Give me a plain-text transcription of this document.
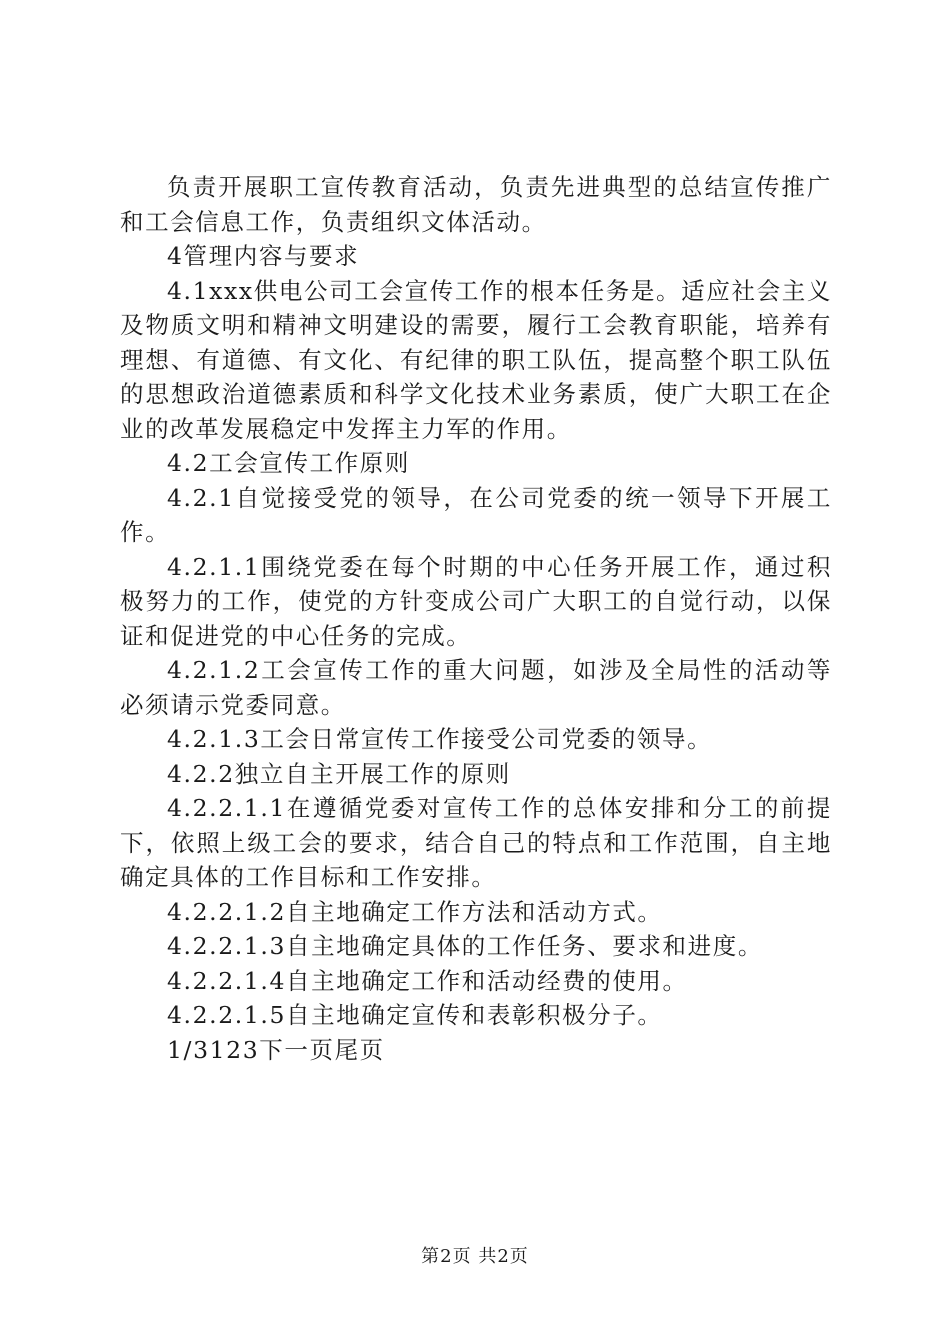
负责开展职工宣传教育活动，负责先进典型的总结宣传推广和工会信息工作，负责组织文体活动。

4管理内容与要求

4.1xxx供电公司工会宣传工作的根本任务是。适应社会主义及物质文明和精神文明建设的需要，履行工会教育职能，培养有理想、有道德、有文化、有纪律的职工队伍，提高整个职工队伍的思想政治道德素质和科学文化技术业务素质，使广大职工在企业的改革发展稳定中发挥主力军的作用。

4.2工会宣传工作原则

4.2.1自觉接受党的领导，在公司党委的统一领导下开展工作。

4.2.1.1围绕党委在每个时期的中心任务开展工作，通过积极努力的工作，使党的方针变成公司广大职工的自觉行动，以保证和促进党的中心任务的完成。

4.2.1.2工会宣传工作的重大问题，如涉及全局性的活动等必须请示党委同意。

4.2.1.3工会日常宣传工作接受公司党委的领导。

4.2.2独立自主开展工作的原则

4.2.2.1.1在遵循党委对宣传工作的总体安排和分工的前提下，依照上级工会的要求，结合自己的特点和工作范围，自主地确定具体的工作目标和工作安排。

4.2.2.1.2自主地确定工作方法和活动方式。

4.2.2.1.3自主地确定具体的工作任务、要求和进度。

4.2.2.1.4自主地确定工作和活动经费的使用。

4.2.2.1.5自主地确定宣传和表彰积极分子。

1/3123下一页尾页

第2页 共2页
